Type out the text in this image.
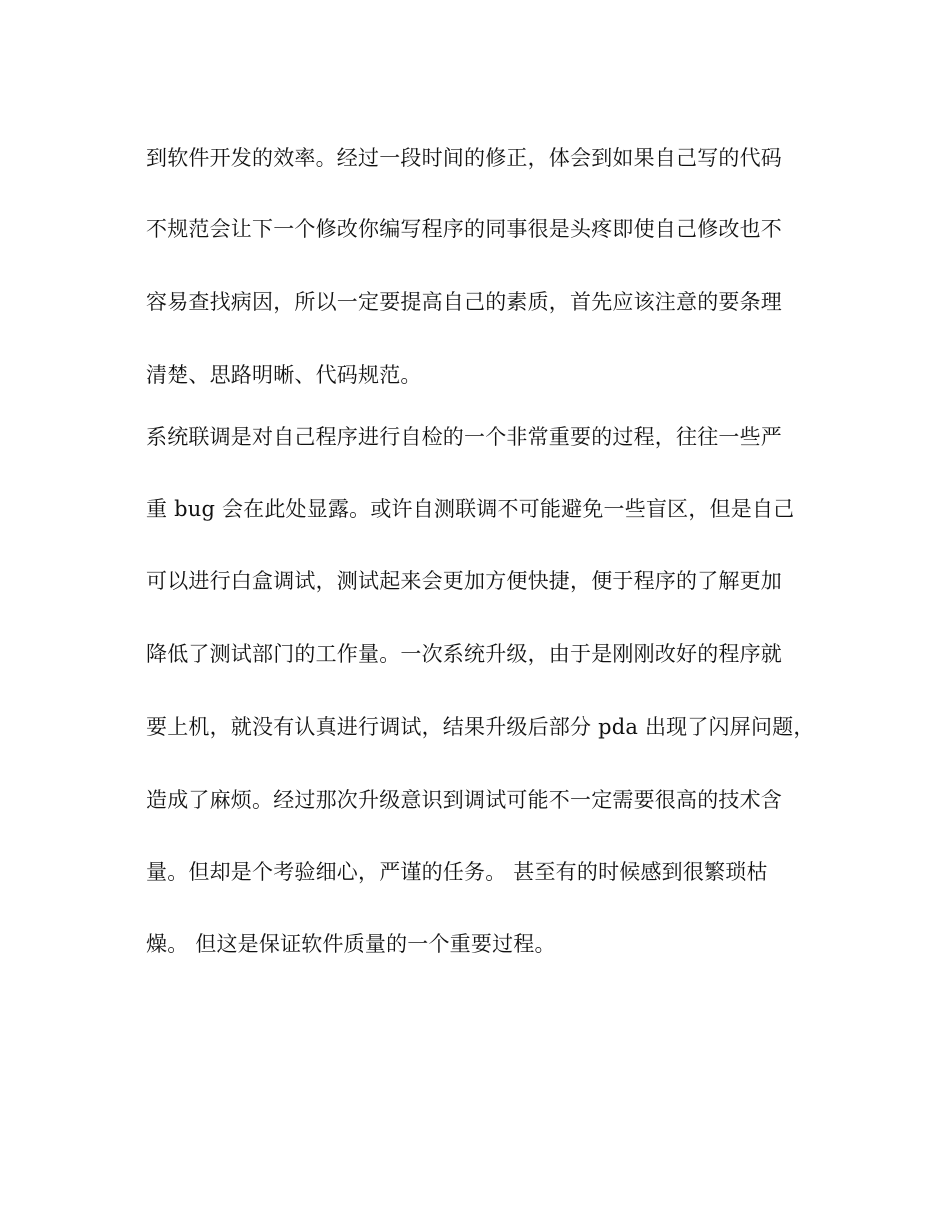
到软件开发的效率。经过一段时间的修正，体会到如果自己写的代码
不规范会让下一个修改你编写程序的同事很是头疼即使自己修改也不
容易查找病因，所以一定要提高自己的素质，首先应该注意的要条理
清楚、思路明晰、代码规范。
系统联调是对自己程序进行自检的一个非常重要的过程，往往一些严
重 bug 会在此处显露。或许自测联调不可能避免一些盲区，但是自己
可以进行白盒调试，测试起来会更加方便快捷，便于程序的了解更加
降低了测试部门的工作量。一次系统升级，由于是刚刚改好的程序就
要上机，就没有认真进行调试，结果升级后部分 pda 出现了闪屏问题，
造成了麻烦。经过那次升级意识到调试可能不一定需要很高的技术含
量。但却是个考验细心，严谨的任务。 甚至有的时候感到很繁琐枯
燥。 但这是保证软件质量的一个重要过程。
